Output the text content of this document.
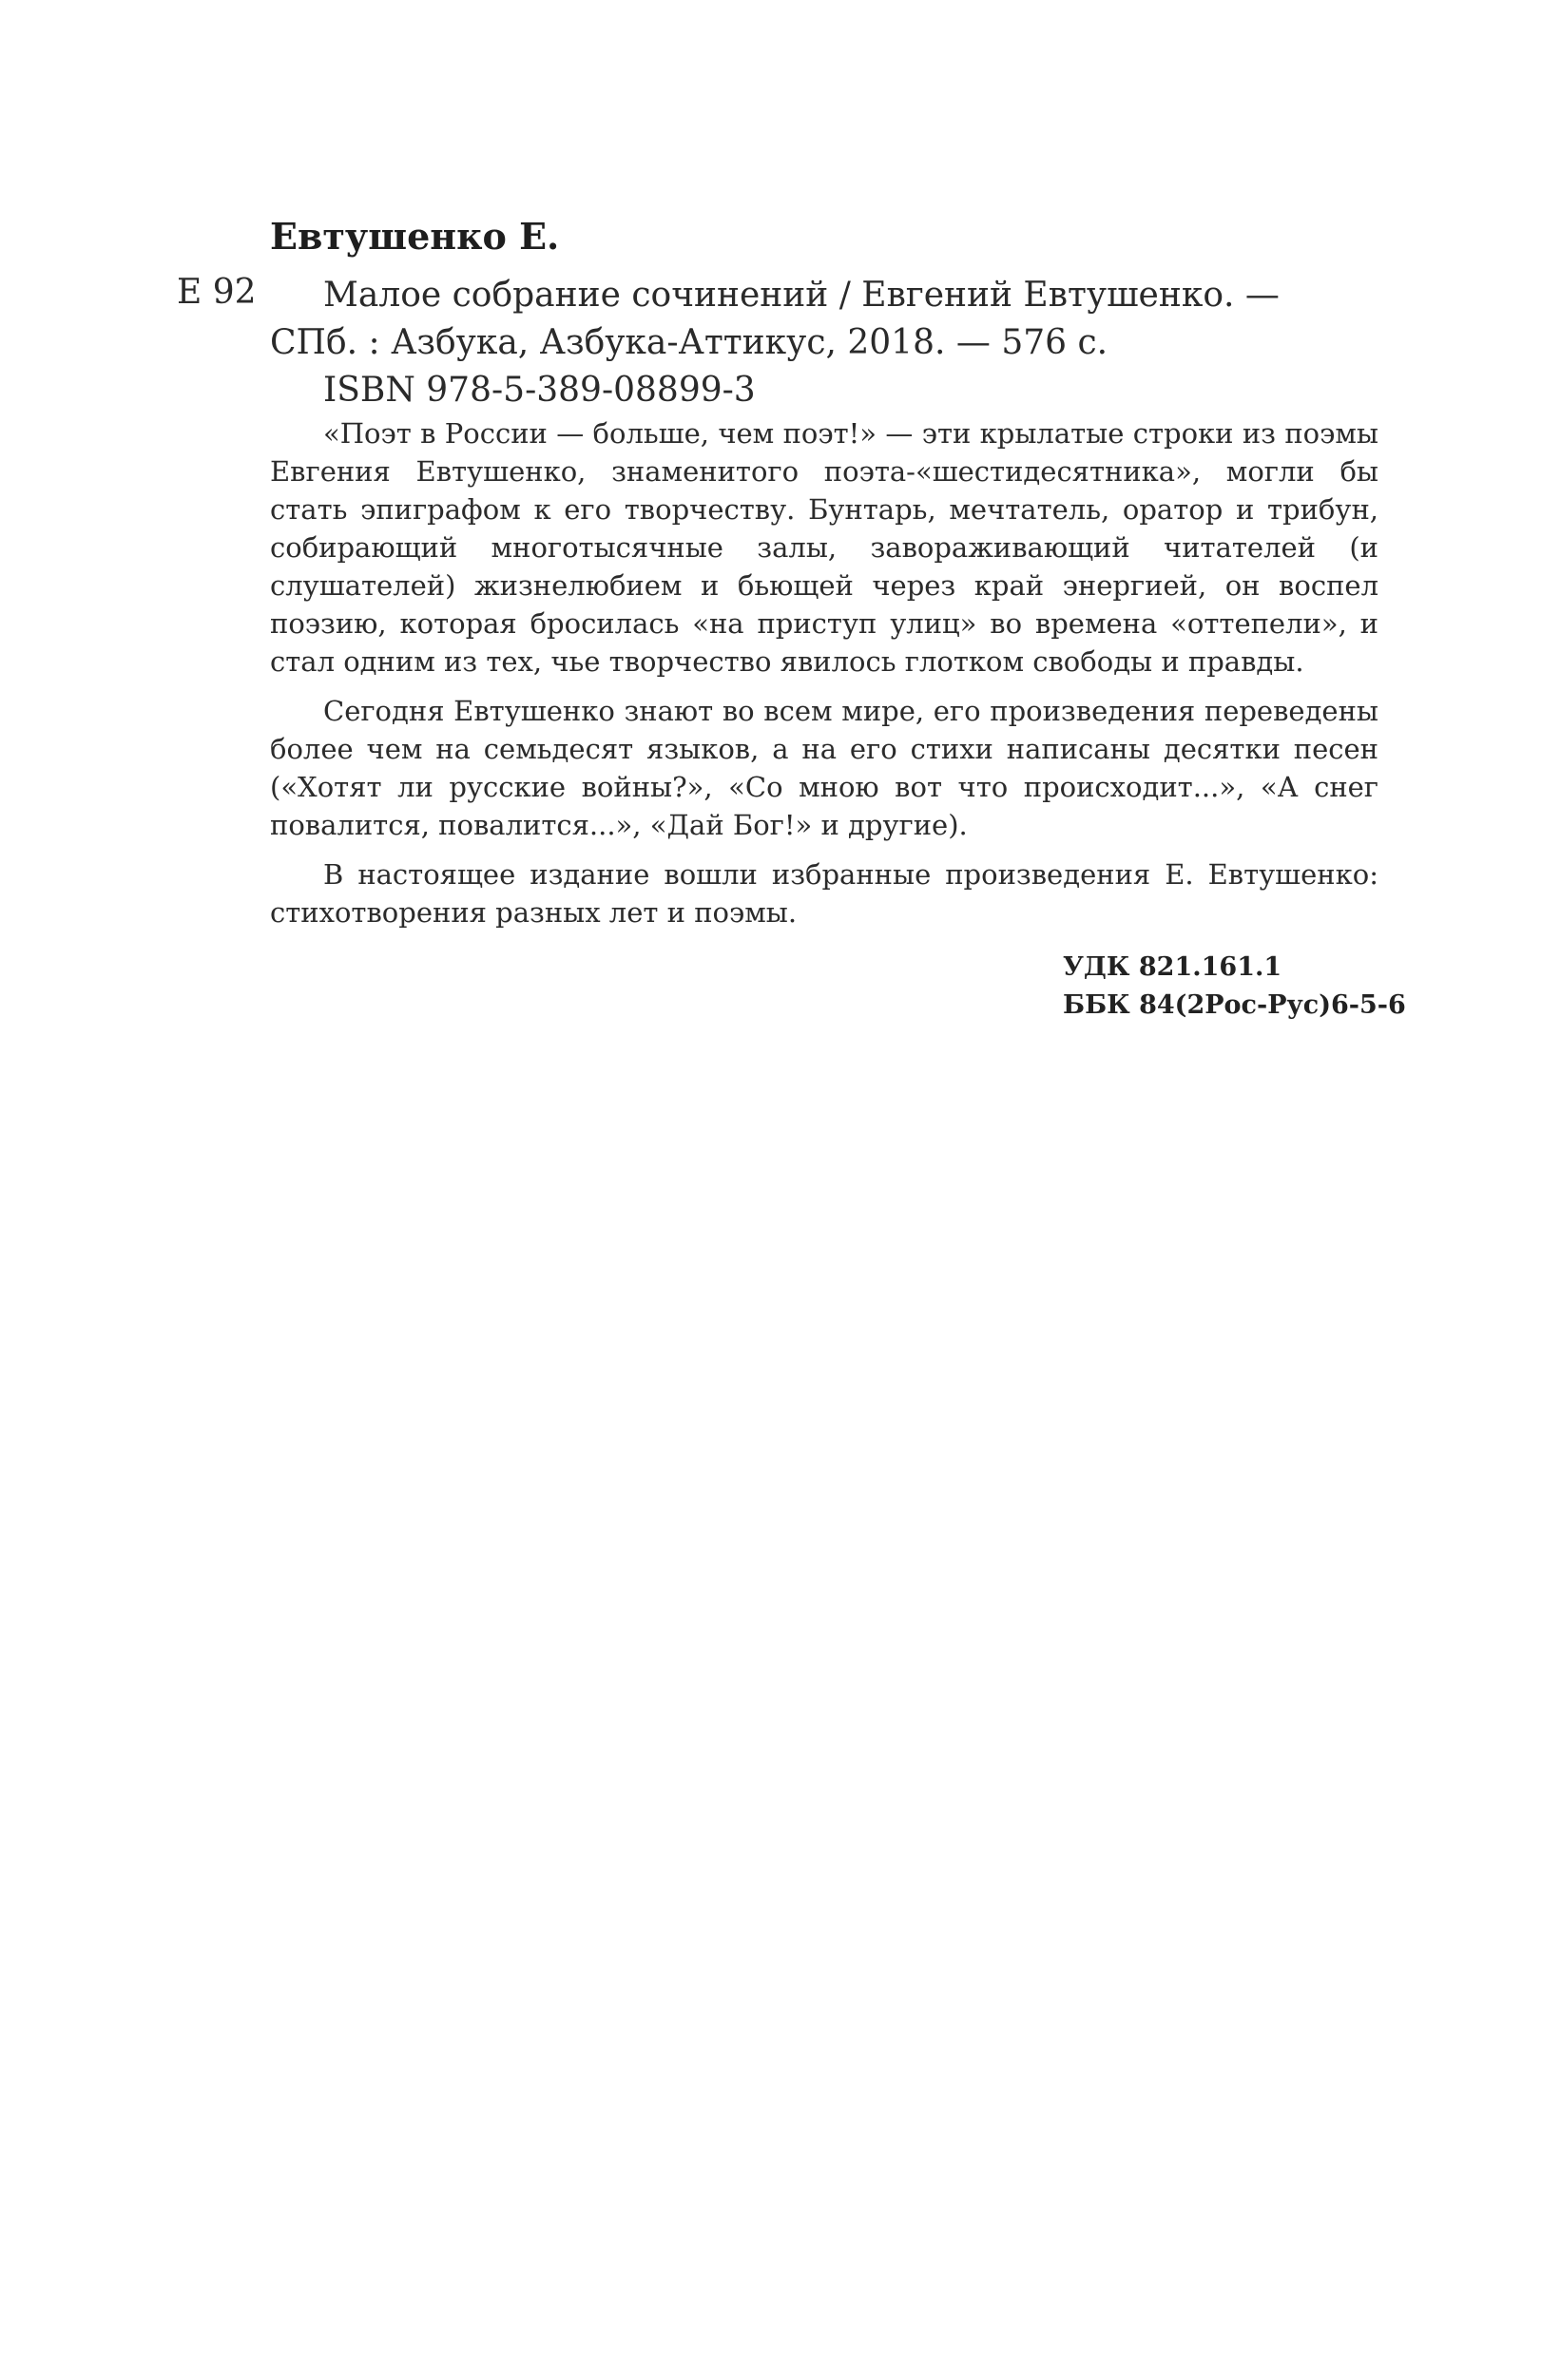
Евтушенко Е.
Е 92 Малое собрание сочинений / Евгений Евтушенко. —
СПб. : Азбука, Азбука-Аттикус, 2018. — 576 с.
ISBN 978-5-389-08899-3

«Поэт в России — больше, чем поэт!» — эти крылатые строки из поэмы Евгения Евтушенко, знаменитого поэта-«шестидесятника», могли бы стать эпиграфом к его творчеству. Бунтарь, мечтатель, оратор и трибун, собирающий многотысячные залы, завораживающий читателей (и слушателей) жизнелюбием и бьющей через край энергией, он воспел поэзию, которая бросилась «на приступ улиц» во времена «оттепели», и стал одним из тех, чье творчество явилось глотком свободы и правды.

Сегодня Евтушенко знают во всем мире, его произведения переведены более чем на семьдесят языков, а на его стихи написаны десятки песен («Хотят ли русские войны?», «Со мною вот что происходит...», «А снег повалится, повалится...», «Дай Бог!» и другие).

В настоящее издание вошли избранные произведения Е. Евтушенко: стихотворения разных лет и поэмы.

УДК 821.161.1
ББК 84(2Рос-Рус)6-5-6
